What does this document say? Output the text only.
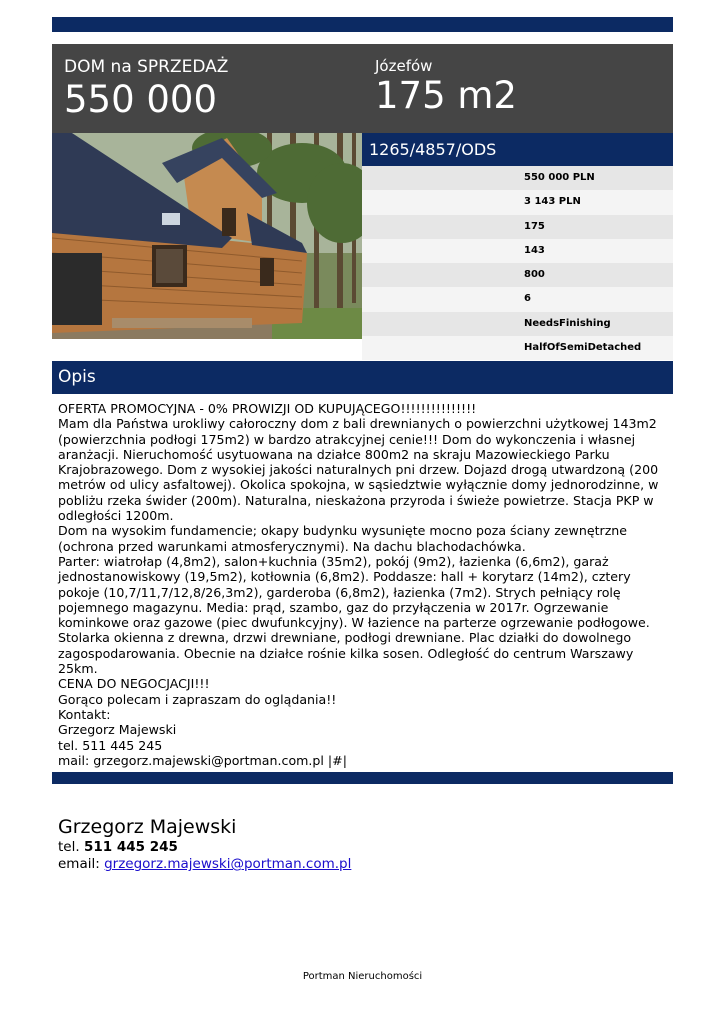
DOM na SPRZEDAŻ
550 000
Józefów
175 m2
1265/4857/ODS
550 000 PLN
3 143 PLN
175
143
800
6
NeedsFinishing
HalfOfSemiDetached
Opis
OFERTA PROMOCYJNA - 0% PROWIZJI OD KUPUJĄCEGO!!!!!!!!!!!!!!!
Mam dla Państwa urokliwy całoroczny dom z bali drewnianych o powierzchni użytkowej 143m2 (powierzchnia podłogi 175m2) w bardzo atrakcyjnej cenie!!! Dom do wykonczenia i własnej aranżacji. Nieruchomość usytuowana na działce 800m2 na skraju Mazowieckiego Parku Krajobrazowego. Dom z wysokiej jakości naturalnych pni drzew. Dojazd drogą utwardzoną (200 metrów od ulicy asfaltowej). Okolica spokojna, w sąsiedztwie wyłącznie domy jednorodzinne, w pobliżu rzeka świder (200m). Naturalna, nieskażona przyroda i świeże powietrze. Stacja PKP w odległości 1200m.
Dom na wysokim fundamencie; okapy budynku wysunięte mocno poza ściany zewnętrzne (ochrona przed warunkami atmosferycznymi). Na dachu blachodachówka.
Parter: wiatrołap (4,8m2), salon+kuchnia (35m2), pokój (9m2), łazienka (6,6m2), garaż jednostanowiskowy (19,5m2), kotłownia (6,8m2). Poddasze: hall + korytarz (14m2), cztery pokoje (10,7/11,7/12,8/26,3m2), garderoba (6,8m2), łazienka (7m2). Strych pełniący rolę pojemnego magazynu. Media: prąd, szambo, gaz do przyłączenia w 2017r. Ogrzewanie kominkowe oraz gazowe (piec dwufunkcyjny). W łazience na parterze ogrzewanie podłogowe. Stolarka okienna z drewna, drzwi drewniane, podłogi drewniane. Plac działki do dowolnego zagospodarowania. Obecnie na działce rośnie kilka sosen. Odległość do centrum Warszawy 25km.
CENA DO NEGOCJACJI!!!
Gorąco polecam i zapraszam do oglądania!!
Kontakt:
Grzegorz Majewski
tel. 511 445 245
mail: grzegorz.majewski@portman.com.pl |#|
Grzegorz Majewski
tel. 511 445 245
email: grzegorz.majewski@portman.com.pl
Portman Nieruchomości
